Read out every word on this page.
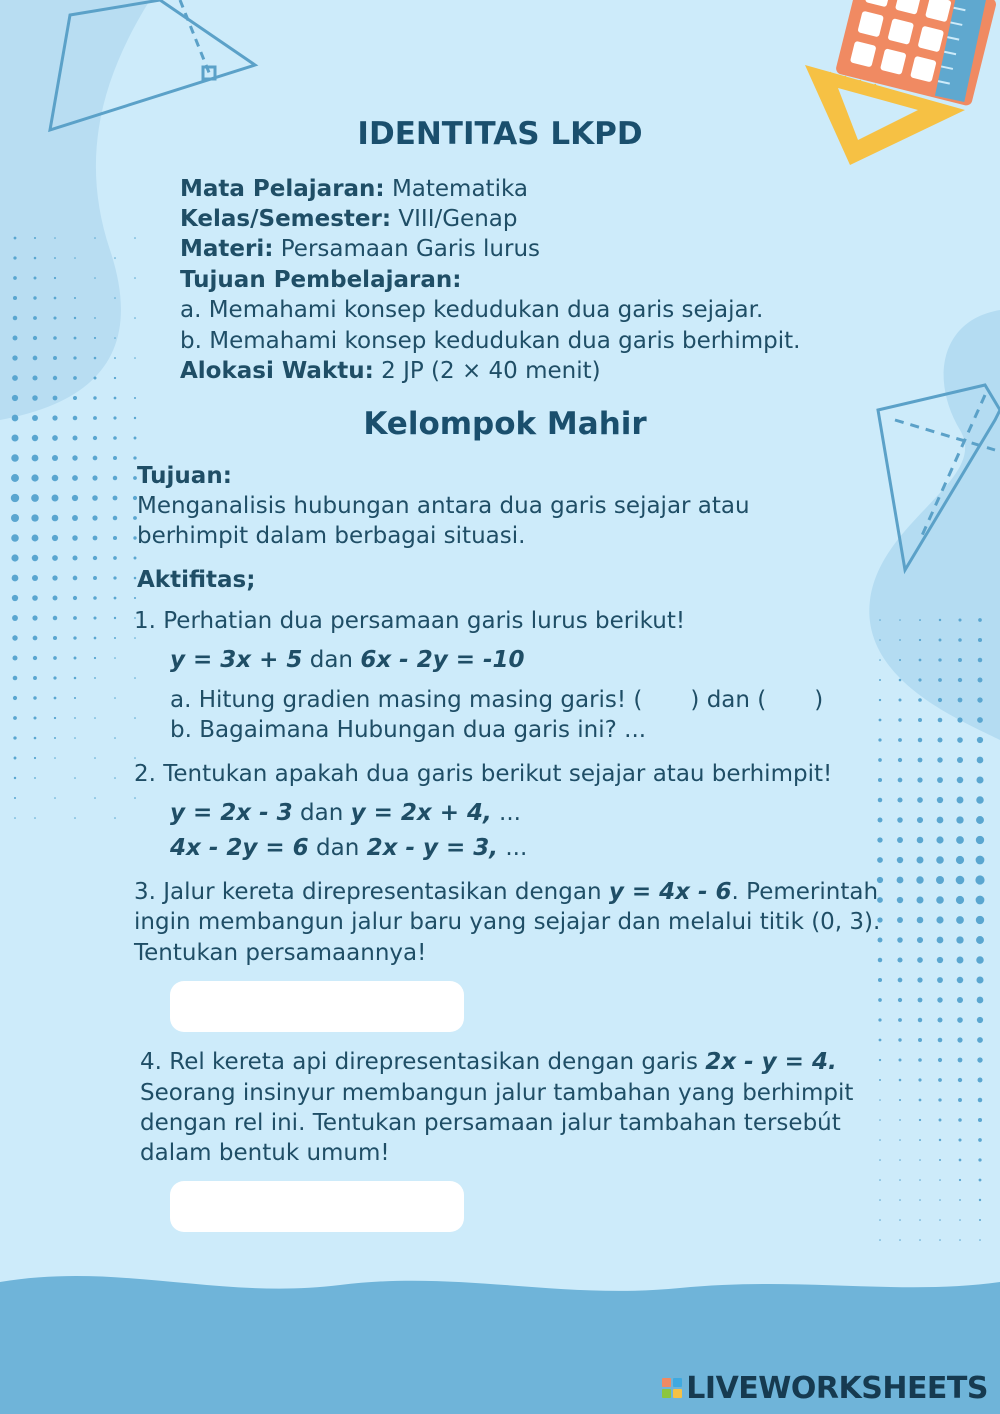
IDENTITAS LKPD
Mata Pelajaran: Matematika
Kelas/Semester: VIII/Genap
Materi: Persamaan Garis lurus
Tujuan Pembelajaran:
a. Memahami konsep kedudukan dua garis sejajar.
b. Memahami konsep kedudukan dua garis berhimpit.
Alokasi Waktu: 2 JP (2 × 40 menit)
Kelompok Mahir
Tujuan:
Menganalisis hubungan antara dua garis sejajar atau
berhimpit dalam berbagai situasi.
Aktifitas;
1. Perhatian dua persamaan garis lurus berikut!
y = 3x + 5 dan 6x - 2y = -10
a. Hitung gradien masing masing garis! ( ) dan ( )
b. Bagaimana Hubungan dua garis ini? ...
2. Tentukan apakah dua garis berikut sejajar atau berhimpit!
y = 2x - 3 dan y = 2x + 4, ...
4x - 2y = 6 dan 2x - y = 3, ...
3. Jalur kereta direpresentasikan dengan y = 4x - 6. Pemerintah
ingin membangun jalur baru yang sejajar dan melalui titik (0, 3).
Tentukan persamaannya!
4. Rel kereta api direpresentasikan dengan garis 2x - y = 4.
Seorang insinyur membangun jalur tambahan yang berhimpit
dengan rel ini. Tentukan persamaan jalur tambahan tersebút
dalam bentuk umum!
LIVEWORKSHEETS
